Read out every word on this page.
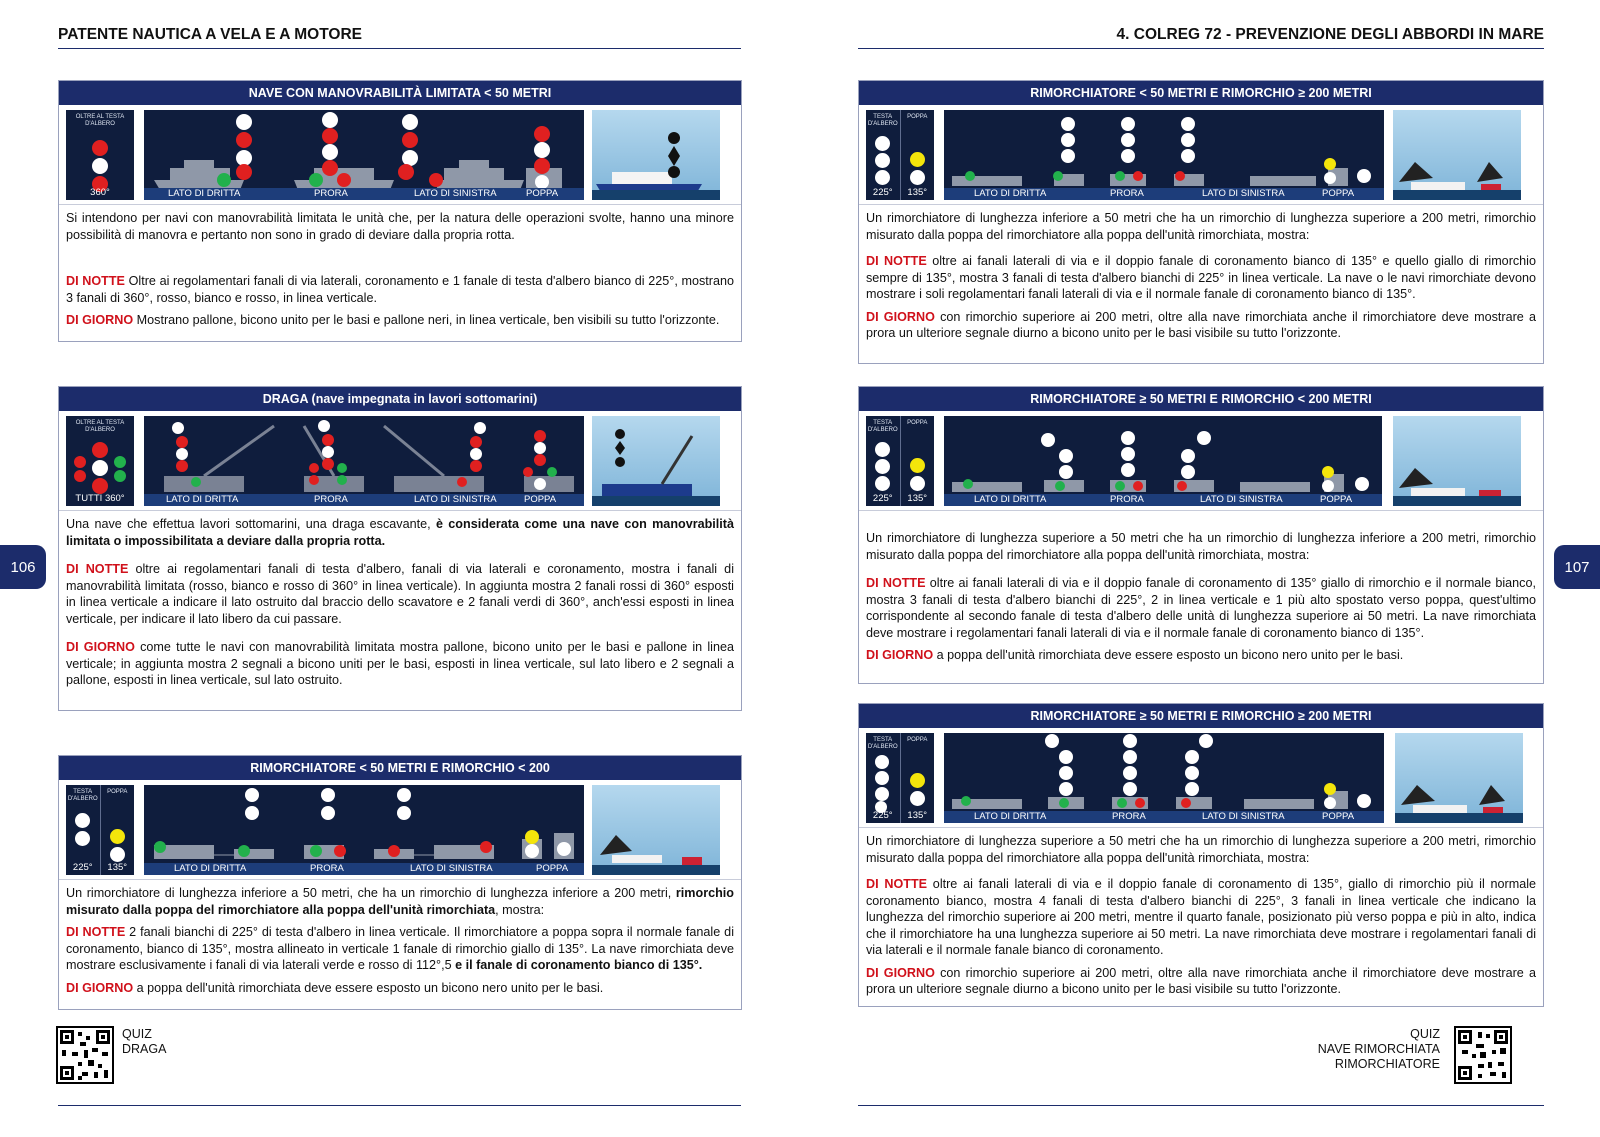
PATENTE NAUTICA A VELA E A MOTORE
106
NAVE CON MANOVRABILITÀ LIMITATA < 50 METRI
OLTRE AL TESTA D'ALBERO
360°	LATO DI DRITTA	PRORA	LATO DI SINISTRA	POPPA

Si intendono per navi con manovrabilità limitata le unità che, per la natura delle operazioni svolte, hanno una minore possibilità di manovra e pertanto non sono in grado di deviare dalla propria rotta.

DI NOTTE Oltre ai regolamentari fanali di via laterali, coronamento e 1 fanale di testa d'albero bianco di 225°, mostrano 3 fanali di 360°, rosso, bianco e rosso, in linea verticale.

DI GIORNO Mostrano pallone, bicono unito per le basi e pallone neri, in linea verticale, ben visibili su tutto l'orizzonte.

DRAGA (nave impegnata in lavori sottomarini)
OLTRE AL TESTA D'ALBERO
TUTTI 360°	LATO DI DRITTA	PRORA	LATO DI SINISTRA	POPPA

Una nave che effettua lavori sottomarini, una draga escavante, è considerata come una nave con manovrabilità limitata o impossibilitata a deviare dalla propria rotta.

DI NOTTE oltre ai regolamentari fanali di testa d'albero, fanali di via laterali e coronamento, mostra i fanali di manovrabilità limitata (rosso, bianco e rosso di 360° in linea verticale). In aggiunta mostra 2 fanali rossi di 360° esposti in linea verticale a indicare il lato ostruito dal braccio dello scavatore e 2 fanali verdi di 360°, anch'essi esposti in linea verticale, per indicare il lato libero da cui passare.

DI GIORNO come tutte le navi con manovrabilità limitata mostra pallone, bicono unito per le basi e pallone in linea verticale; in aggiunta mostra 2 segnali a bicono uniti per le basi, esposti in linea verticale, sul lato libero e 2 segnali a pallone, esposti in linea verticale, sul lato ostruito.

RIMORCHIATORE < 50 METRI E RIMORCHIO < 200
TESTA D'ALBERO
225°
POPPA
135°	LATO DI DRITTA	PRORA	LATO DI SINISTRA	POPPA

Un rimorchiatore di lunghezza inferiore a 50 metri, che ha un rimorchio di lunghezza inferiore a 200 metri, rimorchio misurato dalla poppa del rimorchiatore alla poppa dell'unità rimorchiata, mostra:

DI NOTTE 2 fanali bianchi di 225° di testa d'albero in linea verticale. Il rimorchiatore a poppa sopra il normale fanale di coronamento, bianco di 135°, mostra allineato in verticale 1 fanale di rimorchio giallo di 135°. La nave rimorchiata deve mostrare esclusivamente i fanali di via laterali verde e rosso di 112°,5 e il fanale di coronamento bianco di 135°.

DI GIORNO a poppa dell'unità rimorchiata deve essere esposto un bicono nero unito per le basi.

QUIZ
DRAGA
4. COLREG 72 - PREVENZIONE DEGLI ABBORDI IN MARE
107
RIMORCHIATORE < 50 METRI E RIMORCHIO ≥ 200 METRI
TESTA D'ALBERO
225°
POPPA
135°	LATO DI DRITTA	PRORA	LATO DI SINISTRA	POPPA

Un rimorchiatore di lunghezza inferiore a 50 metri che ha un rimorchio di lunghezza superiore a 200 metri, rimorchio misurato dalla poppa del rimorchiatore alla poppa dell'unità rimorchiata, mostra:

DI NOTTE oltre ai fanali laterali di via e il doppio fanale di coronamento bianco di 135° e quello giallo di rimorchio sempre di 135°, mostra 3 fanali di testa d'albero bianchi di 225° in linea verticale. La nave o le navi rimorchiate devono mostrare i soli regolamentari fanali laterali di via e il normale fanale di coronamento bianco di 135°.

DI GIORNO con rimorchio superiore ai 200 metri, oltre alla nave rimorchiata anche il rimorchiatore deve mostrare a prora un ulteriore segnale diurno a bicono unito per le basi visibile su tutto l'orizzonte.

RIMORCHIATORE ≥ 50 METRI E RIMORCHIO < 200 METRI
TESTA D'ALBERO
225°
POPPA
135°	LATO DI DRITTA	PRORA	LATO DI SINISTRA	POPPA

Un rimorchiatore di lunghezza superiore a 50 metri che ha un rimorchio di lunghezza inferiore a 200 metri, rimorchio misurato dalla poppa del rimorchiatore alla poppa dell'unità rimorchiata, mostra:

DI NOTTE oltre ai fanali laterali di via e il doppio fanale di coronamento di 135° giallo di rimorchio e il normale bianco, mostra 3 fanali di testa d'albero bianchi di 225°, 2 in linea verticale e 1 più alto spostato verso poppa, quest'ultimo corrispondente al secondo fanale di testa d'albero delle unità di lunghezza superiore ai 50 metri. La nave rimorchiata deve mostrare i regolamentari fanali laterali di via e il normale fanale di coronamento bianco di 135°.

DI GIORNO a poppa dell'unità rimorchiata deve essere esposto un bicono nero unito per le basi.

RIMORCHIATORE ≥ 50 METRI E RIMORCHIO ≥ 200 METRI
TESTA D'ALBERO
225°
POPPA
135°	LATO DI DRITTA	PRORA	LATO DI SINISTRA	POPPA

Un rimorchiatore di lunghezza superiore a 50 metri che ha un rimorchio di lunghezza superiore a 200 metri, rimorchio misurato dalla poppa del rimorchiatore alla poppa dell'unità rimorchiata, mostra:

DI NOTTE oltre ai fanali laterali di via e il doppio fanale di coronamento di 135°, giallo di rimorchio più il normale coronamento bianco, mostra 4 fanali di testa d'albero bianchi di 225°, 3 fanali in linea verticale che indicano la lunghezza del rimorchio superiore ai 200 metri, mentre il quarto fanale, posizionato più verso poppa e più in alto, indica che il rimorchiatore ha una lunghezza superiore ai 50 metri. La nave rimorchiata deve mostrare i regolamentari fanali di via laterali e il normale fanale bianco di coronamento.

DI GIORNO con rimorchio superiore ai 200 metri, oltre alla nave rimorchiata anche il rimorchiatore deve mostrare a prora un ulteriore segnale diurno a bicono unito per le basi visibile su tutto l'orizzonte.

QUIZ
NAVE RIMORCHIATA
RIMORCHIATORE
